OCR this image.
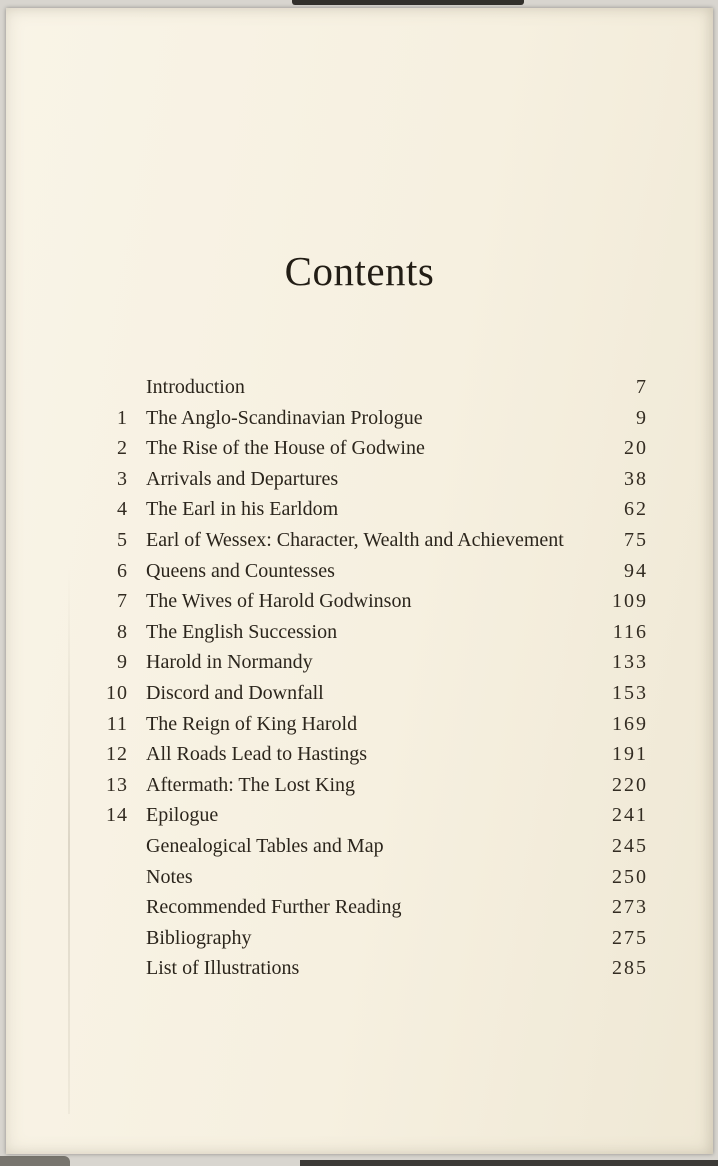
Contents
Introduction	7
1 The Anglo-Scandinavian Prologue	9
2 The Rise of the House of Godwine	20
3 Arrivals and Departures	38
4 The Earl in his Earldom	62
5 Earl of Wessex: Character, Wealth and Achievement	75
6 Queens and Countesses	94
7 The Wives of Harold Godwinson	109
8 The English Succession	116
9 Harold in Normandy	133
10 Discord and Downfall	153
11 The Reign of King Harold	169
12 All Roads Lead to Hastings	191
13 Aftermath: The Lost King	220
14 Epilogue	241
Genealogical Tables and Map	245
Notes	250
Recommended Further Reading	273
Bibliography	275
List of Illustrations	285
